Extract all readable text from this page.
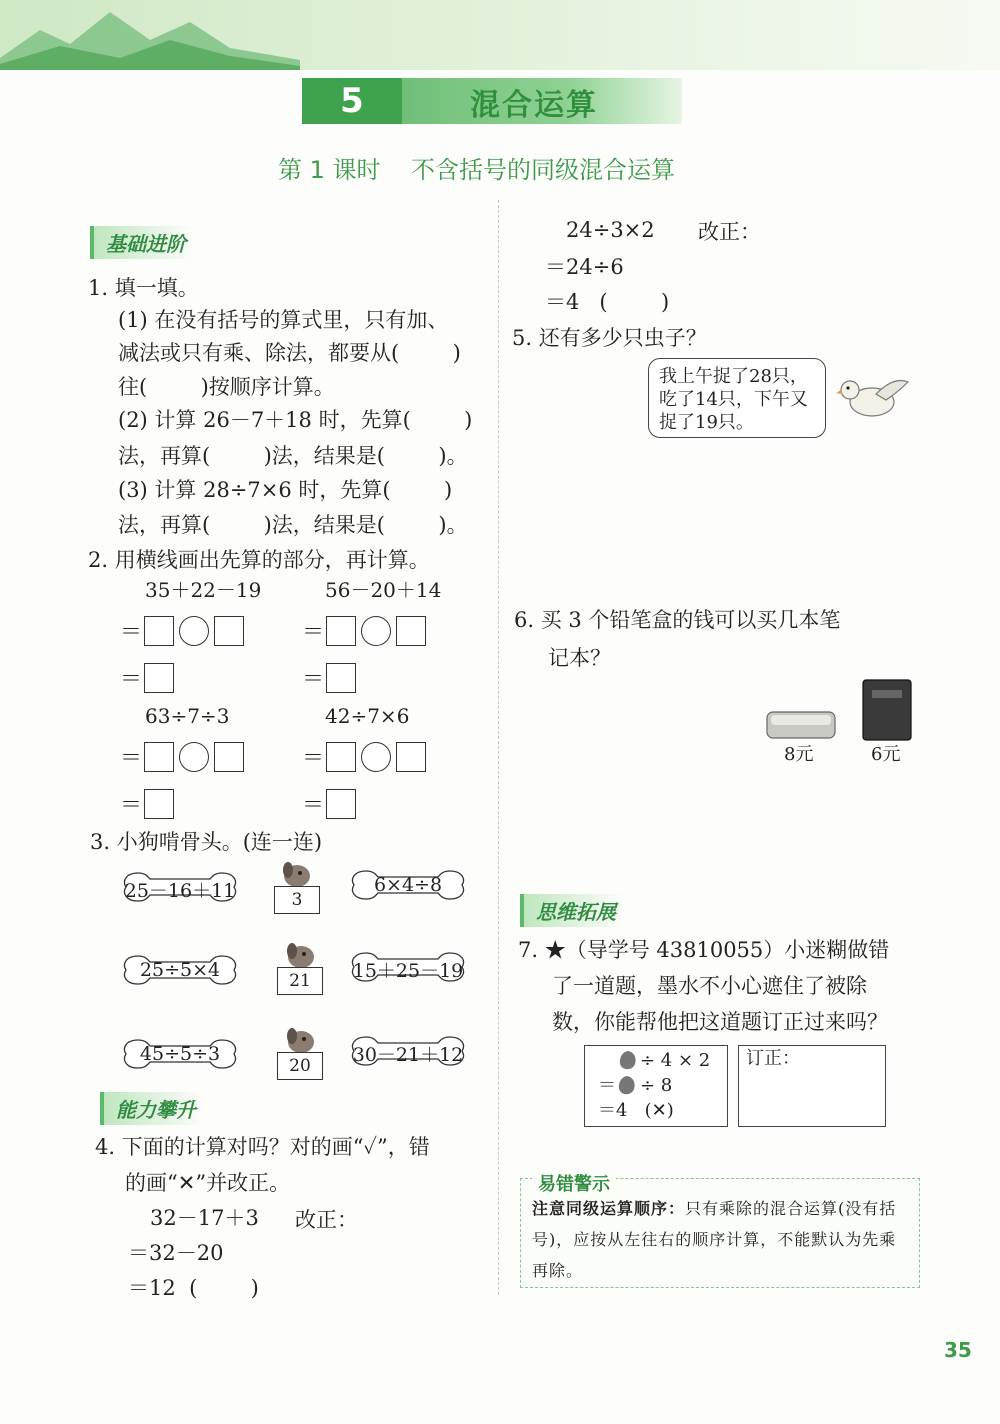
5	混合运算
第 1 课时    不含括号的同级混合运算
基础进阶
1. 填一填。
(1) 在没有括号的算式里，只有加、
减法或只有乘、除法，都要从(        )
往(        )按顺序计算。
(2) 计算 26－7＋18 时，先算(        )
法，再算(        )法，结果是(        )。
(3) 计算 28÷7×6 时，先算(        )
法，再算(        )法，结果是(        )。
2. 用横线画出先算的部分，再计算。
35＋22－19
＝
＝
56－20＋14
＝
＝
63÷7÷3
＝
＝
42÷7×6
＝
＝
3. 小狗啃骨头。(连一连)
25－16＋11
25÷5×4
45÷5÷3
6×4÷8
15＋25－19
30－21＋12
3
21
20
能力攀升
4. 下面的计算对吗？对的画“✓”，错
的画“✕”并改正。
32－17＋3 改正：
＝32－20
＝12  (        )
24÷3×2 改正：
＝24÷6
＝4   (        )
5. 还有多少只虫子？
我上午捉了28只，
吃了14只，下午又
捉了19只。
6. 买 3 个铅笔盒的钱可以买几本笔
记本？
8元	6元
思维拓展
7. ★（导学号 43810055）小迷糊做错
了一道题，墨水不小心遮住了被除
数，你能帮他把这道题订正过来吗？
÷ 4 × 2
＝ ÷ 8
＝4   (✕)
订正：
易错警示
注意同级运算顺序：只有乘除的混合运算(没有括号)，应按从左往右的顺序计算，不能默认为先乘再除。
35
